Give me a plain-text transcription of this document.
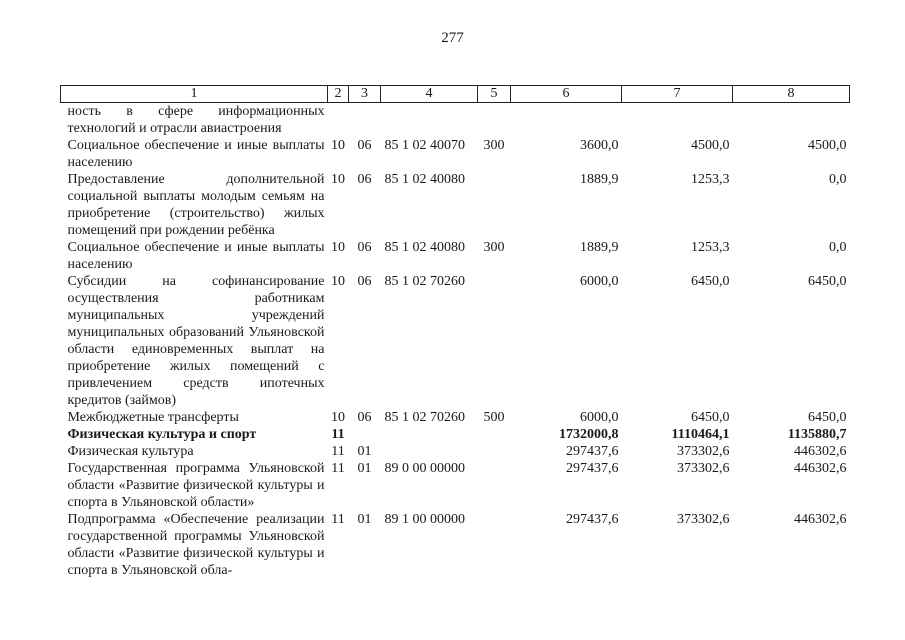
277
1	2	3	4	5	6	7	8
ность в сфере информационных технологий и отрасли авиастроения							
Социальное обеспечение и иные выплаты населению	10	06	85 1 02 40070	300	3600,0	4500,0	4500,0
Предоставление дополнительной социальной выплаты молодым семьям на приобретение (строительство) жилых помещений при рождении ребёнка	10	06	85 1 02 40080		1889,9	1253,3	0,0
Социальное обеспечение и иные выплаты населению	10	06	85 1 02 40080	300	1889,9	1253,3	0,0
Субсидии на софинансирование осуществления работникам муниципальных учреждений муниципальных образований Ульяновской области единовременных выплат на приобретение жилых помещений с привлечением средств ипотечных кредитов (займов)	10	06	85 1 02 70260		6000,0	6450,0	6450,0
Межбюджетные трансферты	10	06	85 1 02 70260	500	6000,0	6450,0	6450,0
Физическая культура и спорт	11				1732000,8	1110464,1	1135880,7
Физическая культура	11	01			297437,6	373302,6	446302,6
Государственная программа Ульяновской области «Развитие физической культуры и спорта в Ульяновской области»	11	01	89 0 00 00000		297437,6	373302,6	446302,6
Подпрограмма «Обеспечение реализации государственной программы Ульяновской области «Развитие физической культуры и спорта в Ульяновской обла-	11	01	89 1 00 00000		297437,6	373302,6	446302,6
